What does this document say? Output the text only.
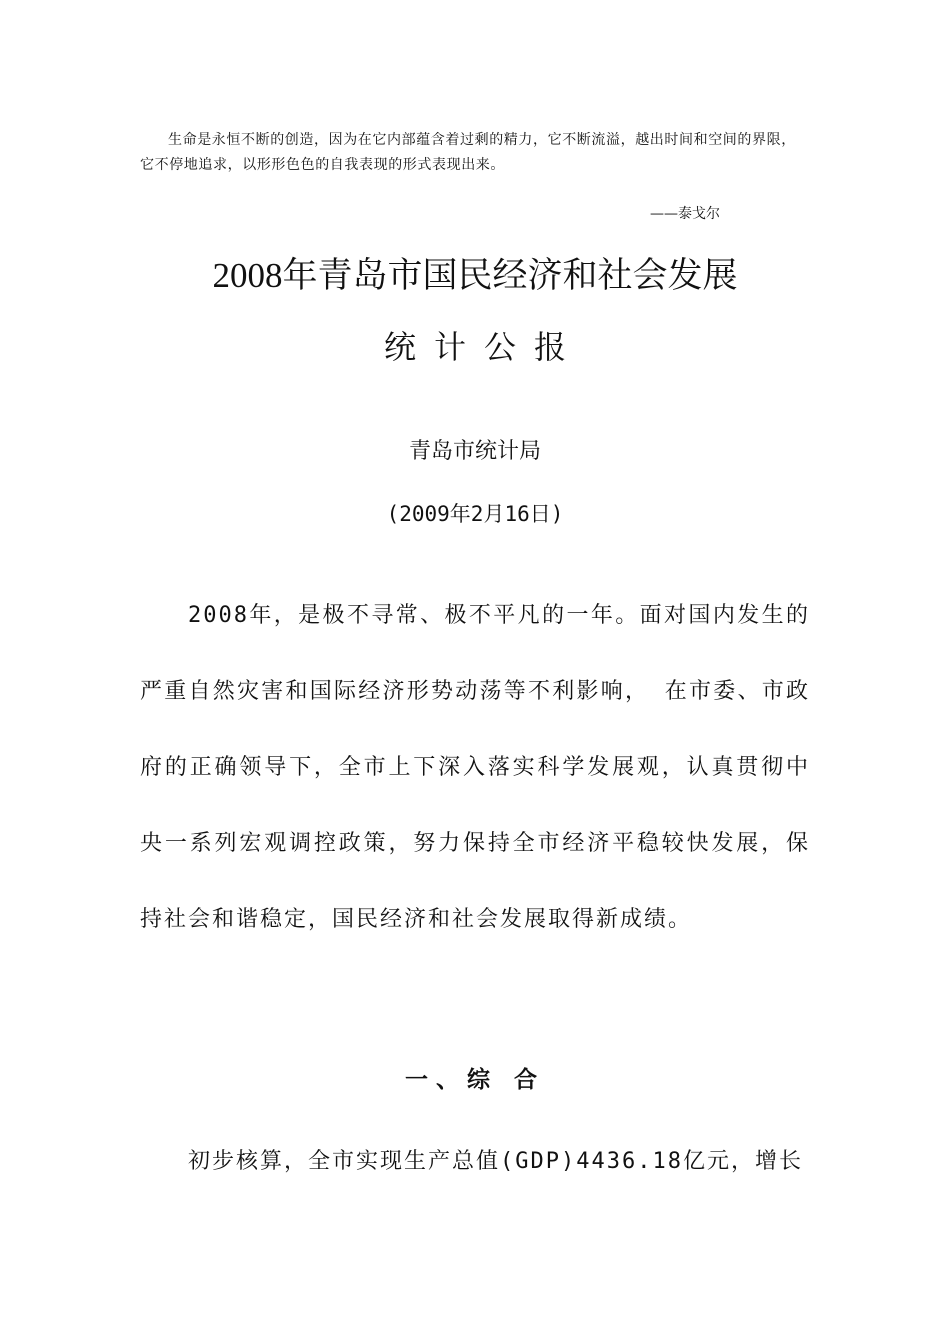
生命是永恒不断的创造，因为在它内部蕴含着过剩的精力，它不断流溢，越出时间和空间的界限，它不停地追求，以形形色色的自我表现的形式表现出来。

——泰戈尔

2008年青岛市国民经济和社会发展
统计公报

青岛市统计局

(2009年2月16日)

2008年，是极不寻常、极不平凡的一年。面对国内发生的严重自然灾害和国际经济形势动荡等不利影响， 在市委、市政府的正确领导下，全市上下深入落实科学发展观，认真贯彻中央一系列宏观调控政策，努力保持全市经济平稳较快发展，保持社会和谐稳定，国民经济和社会发展取得新成绩。

一、综 合

初步核算，全市实现生产总值(GDP)4436.18亿元，增长
